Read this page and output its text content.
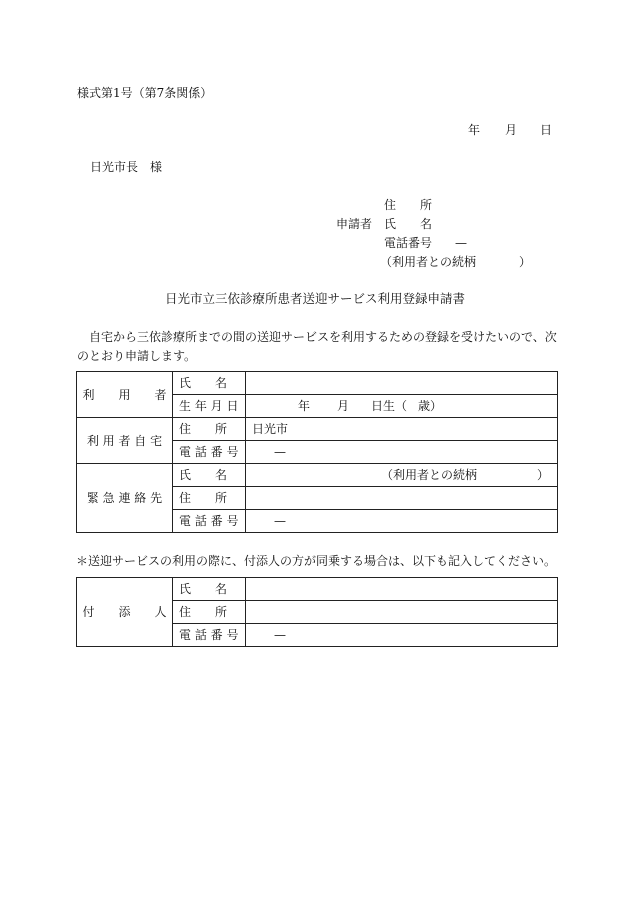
様式第1号（第7条関係）
年 月 日
日光市長　様
住　　所
申請者 氏　　名
電話番号 —
（利用者との続柄	）
日光市立三依診療所患者送迎サービス利用登録申請書
自宅から三依診療所までの間の送迎サービスを利用するための登録を受けたいので、次
のとおり申請します。
利　　用　　者	氏　　名	

	生 年 月 日	年 月 日生（ 歳）

利 用 者 自 宅	住　　所	日光市

	電 話 番 号	—

緊 急 連 絡 先	氏　　名	（利用者との続柄 ）

	住　　所	

	電 話 番 号	—
＊送迎サービスの利用の際に、付添人の方が同乗する場合は、以下も記入してください。
付　　添　　人	氏　　名	

	住　　所	

	電 話 番 号	—
